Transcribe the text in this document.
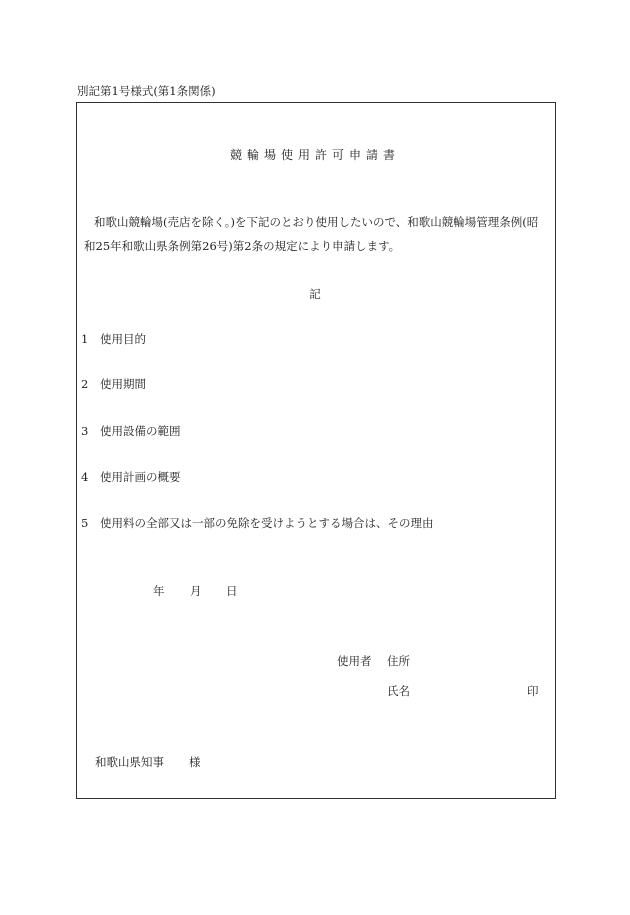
別記第1号様式(第1条関係)
競輪場使用許可申請書
和歌山競輪場(売店を除く。)を下記のとおり使用したいので、和歌山競輪場管理条例(昭
和25年和歌山県条例第26号)第2条の規定により申請します。
記
1 使用目的
2 使用期間
3 使用設備の範囲
4 使用計画の概要
5 使用料の全部又は一部の免除を受けようとする場合は、その理由
年 月 日
使用者 住所
氏名	印
和歌山県知事 様
